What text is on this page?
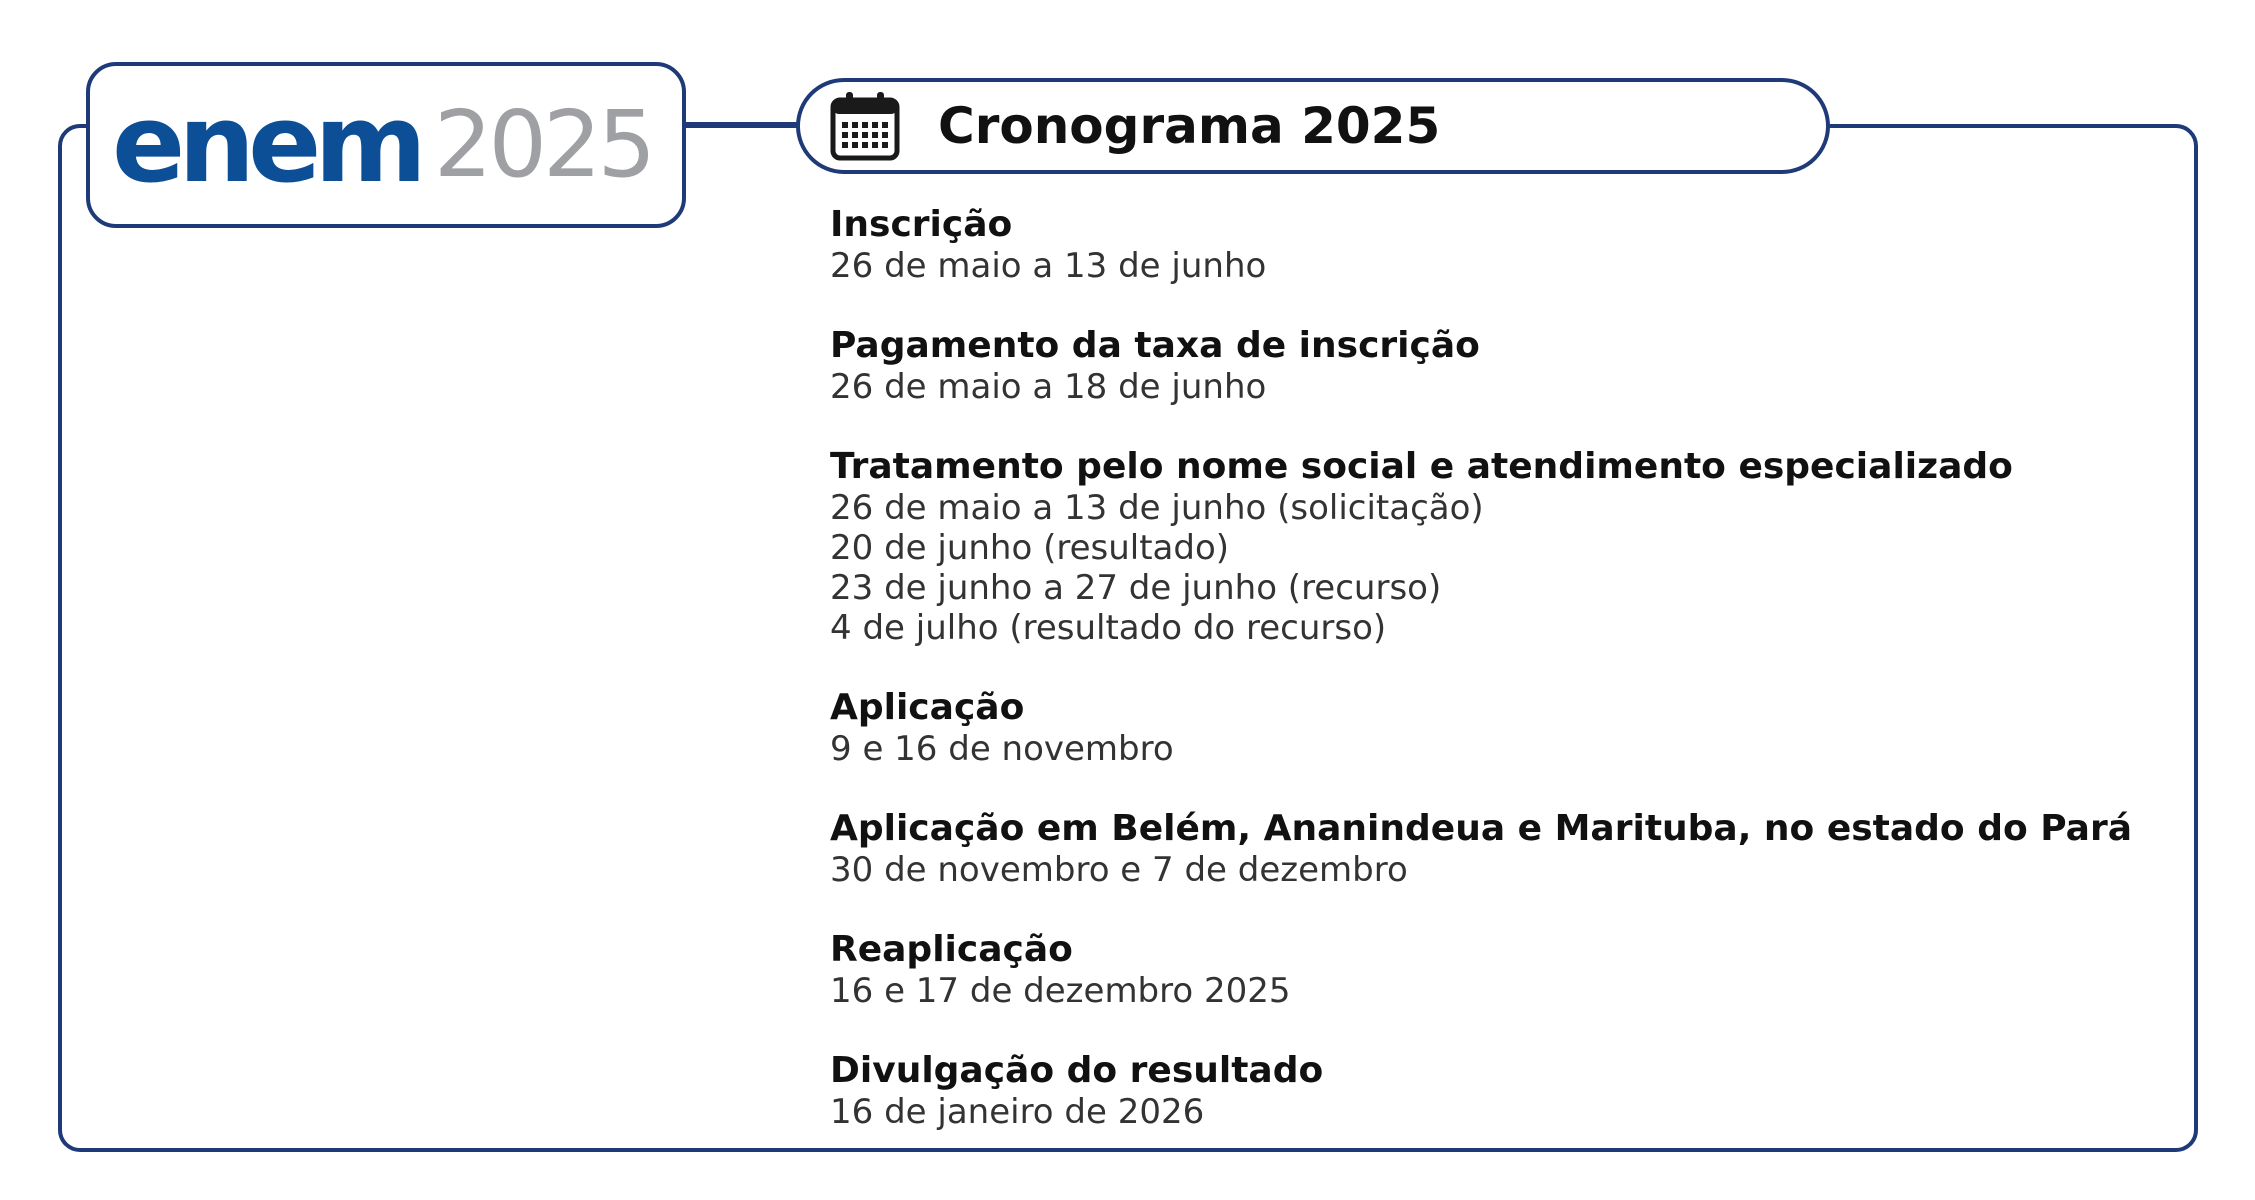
enem 2025	Cronograma 2025
Inscrição
26 de maio a 13 de junho
Pagamento da taxa de inscrição
26 de maio a 18 de junho
Tratamento pelo nome social e atendimento especializado
26 de maio a 13 de junho (solicitação)
20 de junho (resultado)
23 de junho a 27 de junho (recurso)
4 de julho (resultado do recurso)
Aplicação
9 e 16 de novembro
Aplicação em Belém, Ananindeua e Marituba, no estado do Pará
30 de novembro e 7 de dezembro
Reaplicação
16 e 17 de dezembro 2025
Divulgação do resultado
16 de janeiro de 2026
